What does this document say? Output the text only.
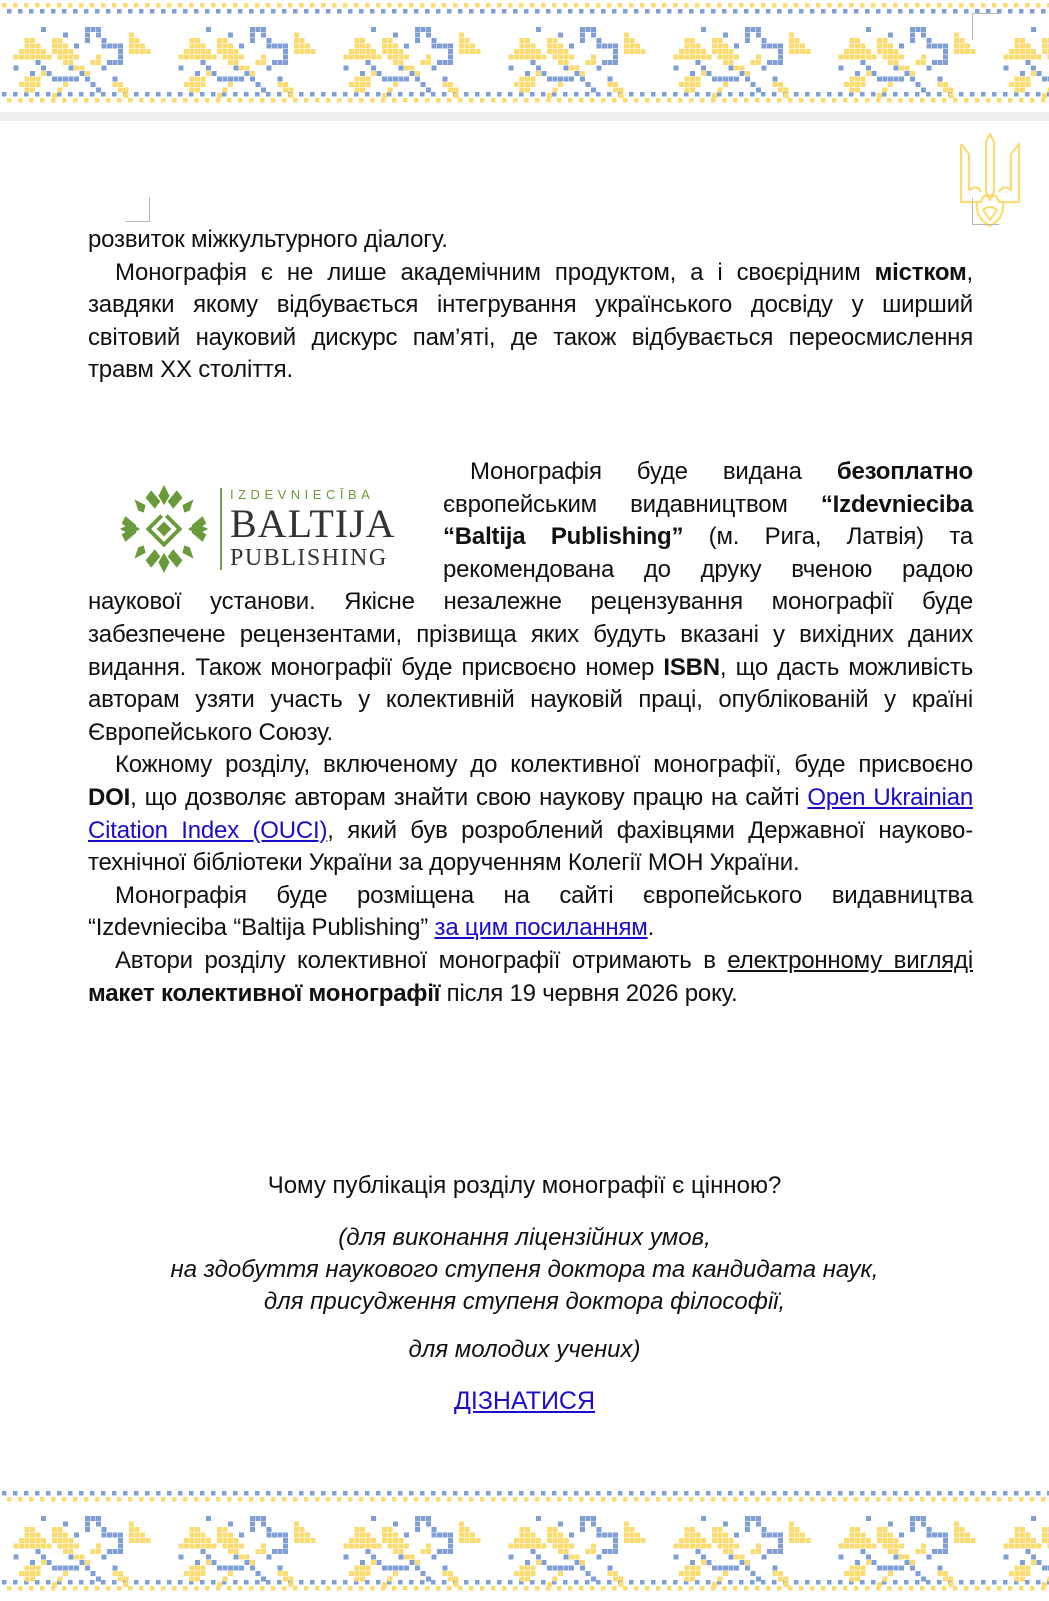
розвиток міжкультурного діалогу.

Монографія є не лише академічним продуктом, а і своєрідним містком, завдяки якому відбувається інтегрування українського досвіду у ширший світовий науковий дискурс пам’яті, де також відбувається переосмислення травм ХХ століття.

IZDEVNIECĪBA
BALTIJA
PUBLISHING

Монографія буде видана безоплатно європейським видавництвом “Izdevnieciba “Baltija Publishing” (м. Рига, Латвія) та рекомендована до друку вченою радою наукової установи. Якісне незалежне рецензування монографії буде забезпечене рецензентами, прізвища яких будуть вказані у вихідних даних видання. Також монографії буде присвоєно номер ISBN, що дасть можливість авторам узяти участь у колективній науковій праці, опублікованій у країні Європейського Союзу.

Кожному розділу, включеному до колективної монографії, буде присвоєно DOI, що дозволяє авторам знайти свою наукову працю на сайті Open Ukrainian Citation Index (OUCI), який був розроблений фахівцями Державної науково-технічної бібліотеки України за дорученням Колегії МОН України.

Монографія буде розміщена на сайті європейського видавництва “Izdevnieciba “Baltija Publishing” за цим посиланням.

Автори розділу колективної монографії отримають в електронному вигляді макет колективної монографії після 19 червня 2026 року.

Чому публікація розділу монографії є цінною?
(для виконання ліцензійних умов,
на здобуття наукового ступеня доктора та кандидата наук,
для присудження ступеня доктора філософії,
для молодих учених)
ДІЗНАТИСЯ
